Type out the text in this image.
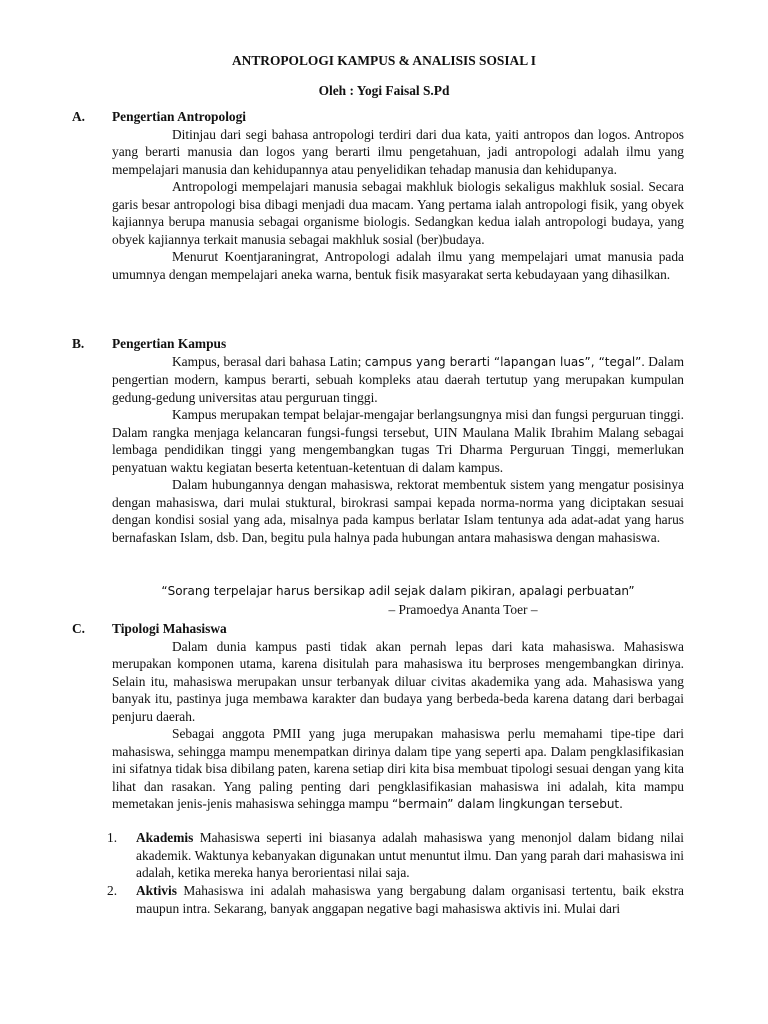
ANTROPOLOGI KAMPUS & ANALISIS SOSIAL I
Oleh : Yogi Faisal S.Pd
A. Pengertian Antropologi

Ditinjau dari segi bahasa antropologi terdiri dari dua kata, yaiti antropos dan logos. Antropos yang berarti manusia dan logos yang berarti ilmu pengetahuan, jadi antropologi adalah ilmu yang mempelajari manusia dan kehidupannya atau penyelidikan tehadap manusia dan kehidupanya.

Antropologi mempelajari manusia sebagai makhluk biologis sekaligus makhluk sosial. Secara garis besar antropologi bisa dibagi menjadi dua macam. Yang pertama ialah antropologi fisik, yang obyek kajiannya berupa manusia sebagai organisme biologis. Sedangkan kedua ialah antropologi budaya, yang obyek kajiannya terkait manusia sebagai makhluk sosial (ber)budaya.

Menurut Koentjaraningrat, Antropologi adalah ilmu yang mempelajari umat manusia pada umumnya dengan mempelajari aneka warna, bentuk fisik masyarakat serta kebudayaan yang dihasilkan.

B. Pengertian Kampus

Kampus, berasal dari bahasa Latin; campus yang berarti “lapangan luas”, “tegal”. Dalam pengertian modern, kampus berarti, sebuah kompleks atau daerah tertutup yang merupakan kumpulan gedung-gedung universitas atau perguruan tinggi.

Kampus merupakan tempat belajar-mengajar berlangsungnya misi dan fungsi perguruan tinggi. Dalam rangka menjaga kelancaran fungsi-fungsi tersebut, UIN Maulana Malik Ibrahim Malang sebagai lembaga pendidikan tinggi yang mengembangkan tugas Tri Dharma Perguruan Tinggi, memerlukan penyatuan waktu kegiatan beserta ketentuan-ketentuan di dalam kampus.

Dalam hubungannya dengan mahasiswa, rektorat membentuk sistem yang mengatur posisinya dengan mahasiswa, dari mulai stuktural, birokrasi sampai kepada norma-norma yang diciptakan sesuai dengan kondisi sosial yang ada, misalnya pada kampus berlatar Islam tentunya ada adat-adat yang harus bernafaskan Islam, dsb. Dan, begitu pula halnya pada hubungan antara mahasiswa dengan mahasiswa.

“Sorang terpelajar harus bersikap adil sejak dalam pikiran, apalagi perbuatan”
– Pramoedya Ananta Toer –
C. Tipologi Mahasiswa

Dalam dunia kampus pasti tidak akan pernah lepas dari kata mahasiswa. Mahasiswa merupakan komponen utama, karena disitulah para mahasiswa itu berproses mengembangkan dirinya. Selain itu, mahasiswa merupakan unsur terbanyak diluar civitas akademika yang ada. Mahasiswa yang banyak itu, pastinya juga membawa karakter dan budaya yang berbeda-beda karena datang dari berbagai penjuru daerah.

Sebagai anggota PMII yang juga merupakan mahasiswa perlu memahami tipe-tipe dari mahasiswa, sehingga mampu menempatkan dirinya dalam tipe yang seperti apa. Dalam pengklasifikasian ini sifatnya tidak bisa dibilang paten, karena setiap diri kita bisa membuat tipologi sesuai dengan yang kita lihat dan rasakan. Yang paling penting dari pengklasifikasian mahasiswa ini adalah, kita mampu memetakan jenis-jenis mahasiswa sehingga mampu “bermain” dalam lingkungan tersebut.

1. Akademis Mahasiswa seperti ini biasanya adalah mahasiswa yang menonjol dalam bidang nilai akademik. Waktunya kebanyakan digunakan untut menuntut ilmu. Dan yang parah dari mahasiswa ini adalah, ketika mereka hanya berorientasi nilai saja.

2. Aktivis Mahasiswa ini adalah mahasiswa yang bergabung dalam organisasi tertentu, baik ekstra maupun intra. Sekarang, banyak anggapan negative bagi mahasiswa aktivis ini. Mulai dari
